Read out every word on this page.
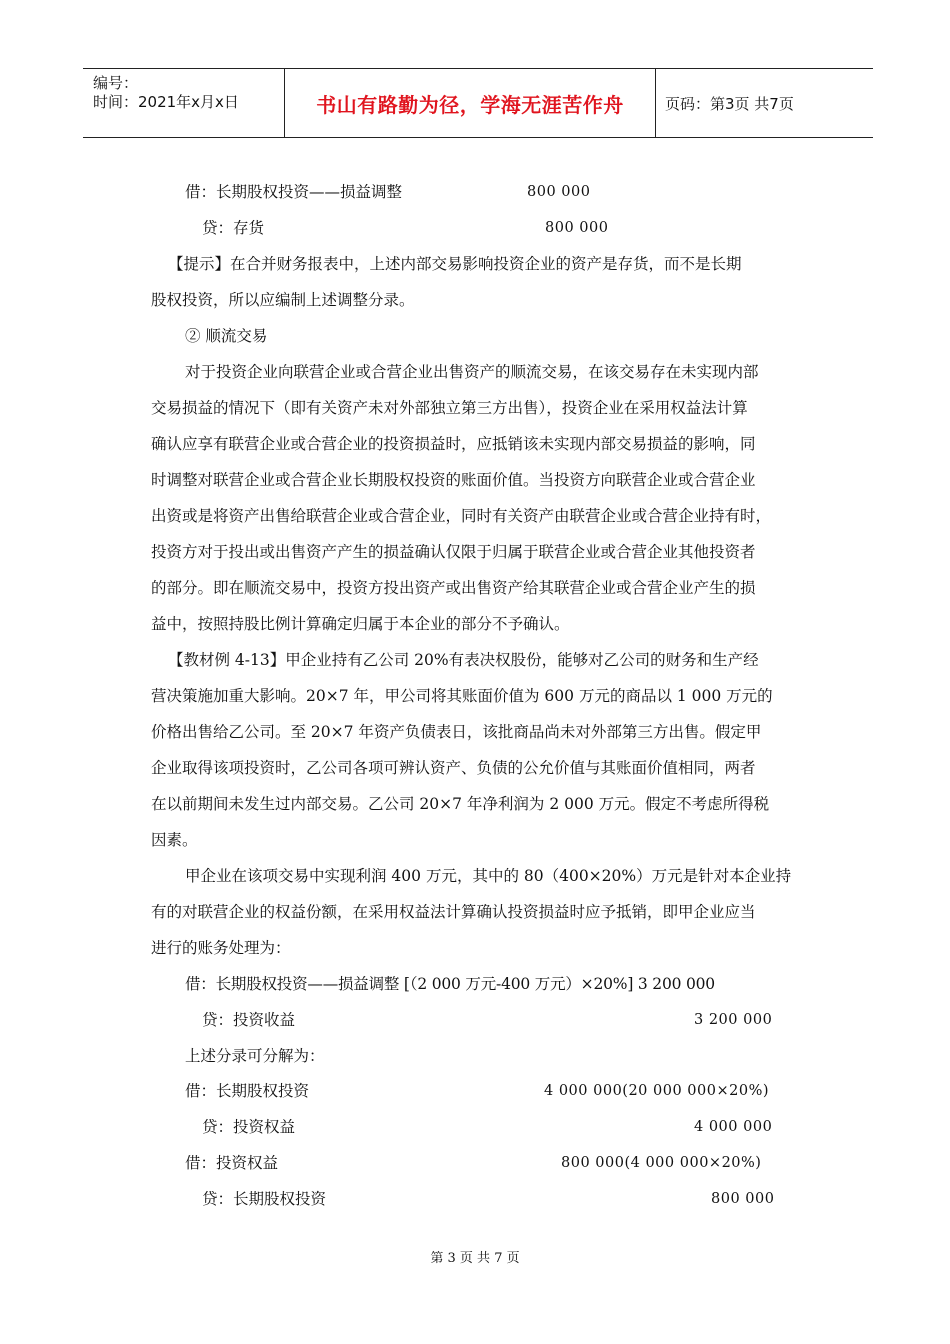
编号：
时间：2021年x月x日	书山有路勤为径，学海无涯苦作舟	页码：第3页 共7页
借：长期股权投资——损益调整	800 000
贷：存货	800 000
【提示】在合并财务报表中，上述内部交易影响投资企业的资产是存货，而不是长期
股权投资，所以应编制上述调整分录。
② 顺流交易
对于投资企业向联营企业或合营企业出售资产的顺流交易，在该交易存在未实现内部
交易损益的情况下（即有关资产未对外部独立第三方出售），投资企业在采用权益法计算
确认应享有联营企业或合营企业的投资损益时，应抵销该未实现内部交易损益的影响，同
时调整对联营企业或合营企业长期股权投资的账面价值。当投资方向联营企业或合营企业
出资或是将资产出售给联营企业或合营企业，同时有关资产由联营企业或合营企业持有时，
投资方对于投出或出售资产产生的损益确认仅限于归属于联营企业或合营企业其他投资者
的部分。即在顺流交易中，投资方投出资产或出售资产给其联营企业或合营企业产生的损
益中，按照持股比例计算确定归属于本企业的部分不予确认。
【教材例 4-13】甲企业持有乙公司 20%有表决权股份，能够对乙公司的财务和生产经
营决策施加重大影响。20×7 年，甲公司将其账面价值为 600 万元的商品以 1 000 万元的
价格出售给乙公司。至 20×7 年资产负债表日，该批商品尚未对外部第三方出售。假定甲
企业取得该项投资时，乙公司各项可辨认资产、负债的公允价值与其账面价值相同，两者
在以前期间未发生过内部交易。乙公司 20×7 年净利润为 2 000 万元。假定不考虑所得税
因素。
甲企业在该项交易中实现利润 400 万元，其中的 80（400×20%）万元是针对本企业持
有的对联营企业的权益份额，在采用权益法计算确认投资损益时应予抵销，即甲企业应当
进行的账务处理为：
借：长期股权投资——损益调整 [（2 000 万元-400 万元）×20%] 3 200 000
贷：投资收益	3 200 000
上述分录可分解为：
借：长期股权投资	4 000 000(20 000 000×20%)
贷：投资权益	4 000 000
借：投资权益	800 000(4 000 000×20%)
贷：长期股权投资	800 000
第 3 页 共 7 页
